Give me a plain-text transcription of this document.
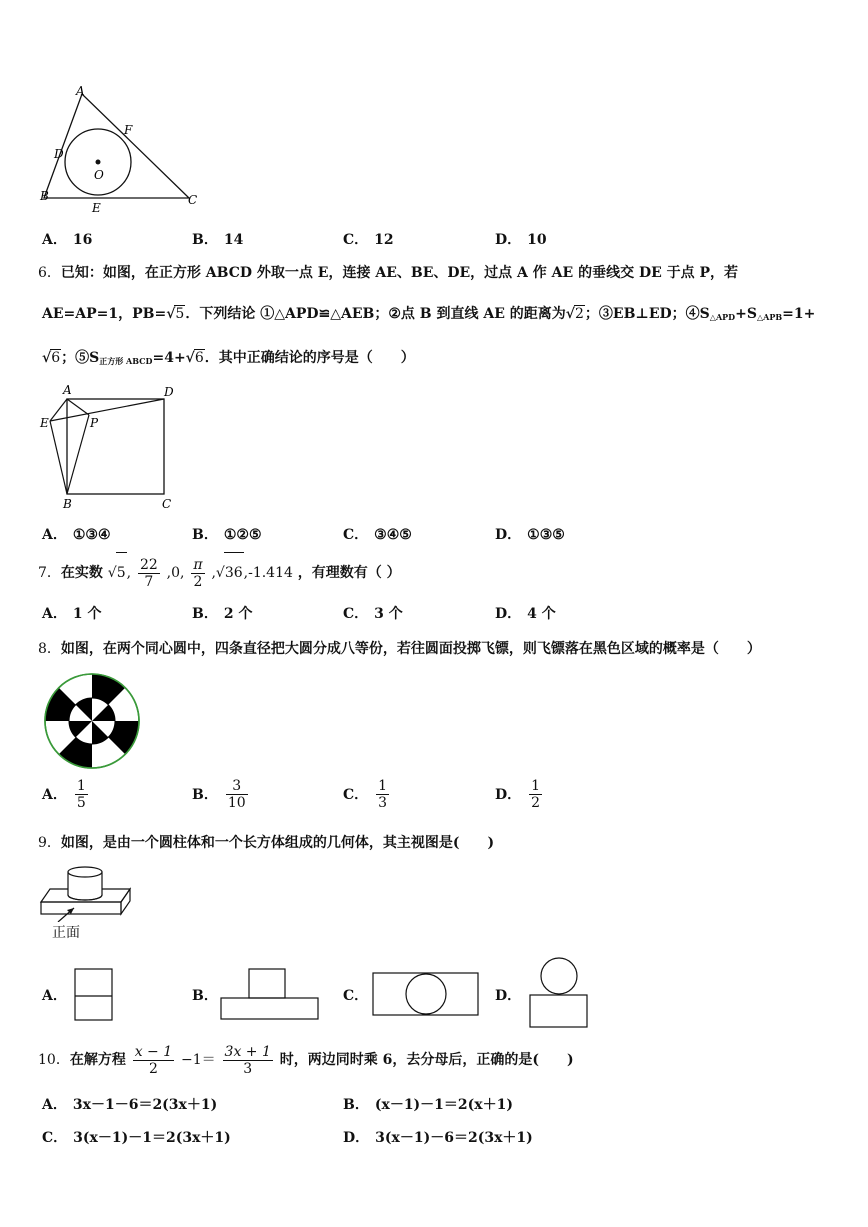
A
F
D
O
B
E
C
A． 16	B． 14	C． 12	D． 10
6．已知：如图，在正方形 ABCD 外取一点 E，连接 AE、BE、DE，过点 A 作 AE 的垂线交 DE 于点 P，若
AE=AP=1，PB=√5．下列结论 ①△APD≌△AEB；②点 B 到直线 AE 的距离为√2；③EB⊥ED；$④S_{\triangle APD}+S_{\triangle APB}=1+$
√6；$⑤S_{正方形 ABCD}=4+√6$．其中正确结论的序号是（　　）
A	D
E	P
B	C
A． ①③④	B． ①②⑤	C． ③④⑤	D． ①③⑤
7．在实数 √5, $\frac{22}{7} ,0$, $\frac{\pi}{2} ,√36,-1.414$ ，有理数有（ ）
A． 1 个	B． 2 个	C． 3 个	D． 4 个
8．如图，在两个同心圆中，四条直径把大圆分成八等份，若往圆面投掷飞镖，则飞镖落在黑色区域的概率是（　　）
A． $\frac{1}{5}$	B． $\frac{3}{10}$	C． $\frac{1}{3}$	D． $\frac{1}{2}$
9．如图，是由一个圆柱体和一个长方体组成的几何体，其主视图是(　　)
正面
A．	B．	C．	D．
10．在解方程 $\frac{x - 1}{2} -1= \frac{3x + 1}{3}$ 时，两边同时乘 6，去分母后，正确的是(　　)
A． 3x－1－6＝2(3x＋1)	B． (x－1)－1＝2(x＋1)
C． 3(x－1)－1＝2(3x＋1)	D． 3(x－1)－6＝2(3x＋1)
